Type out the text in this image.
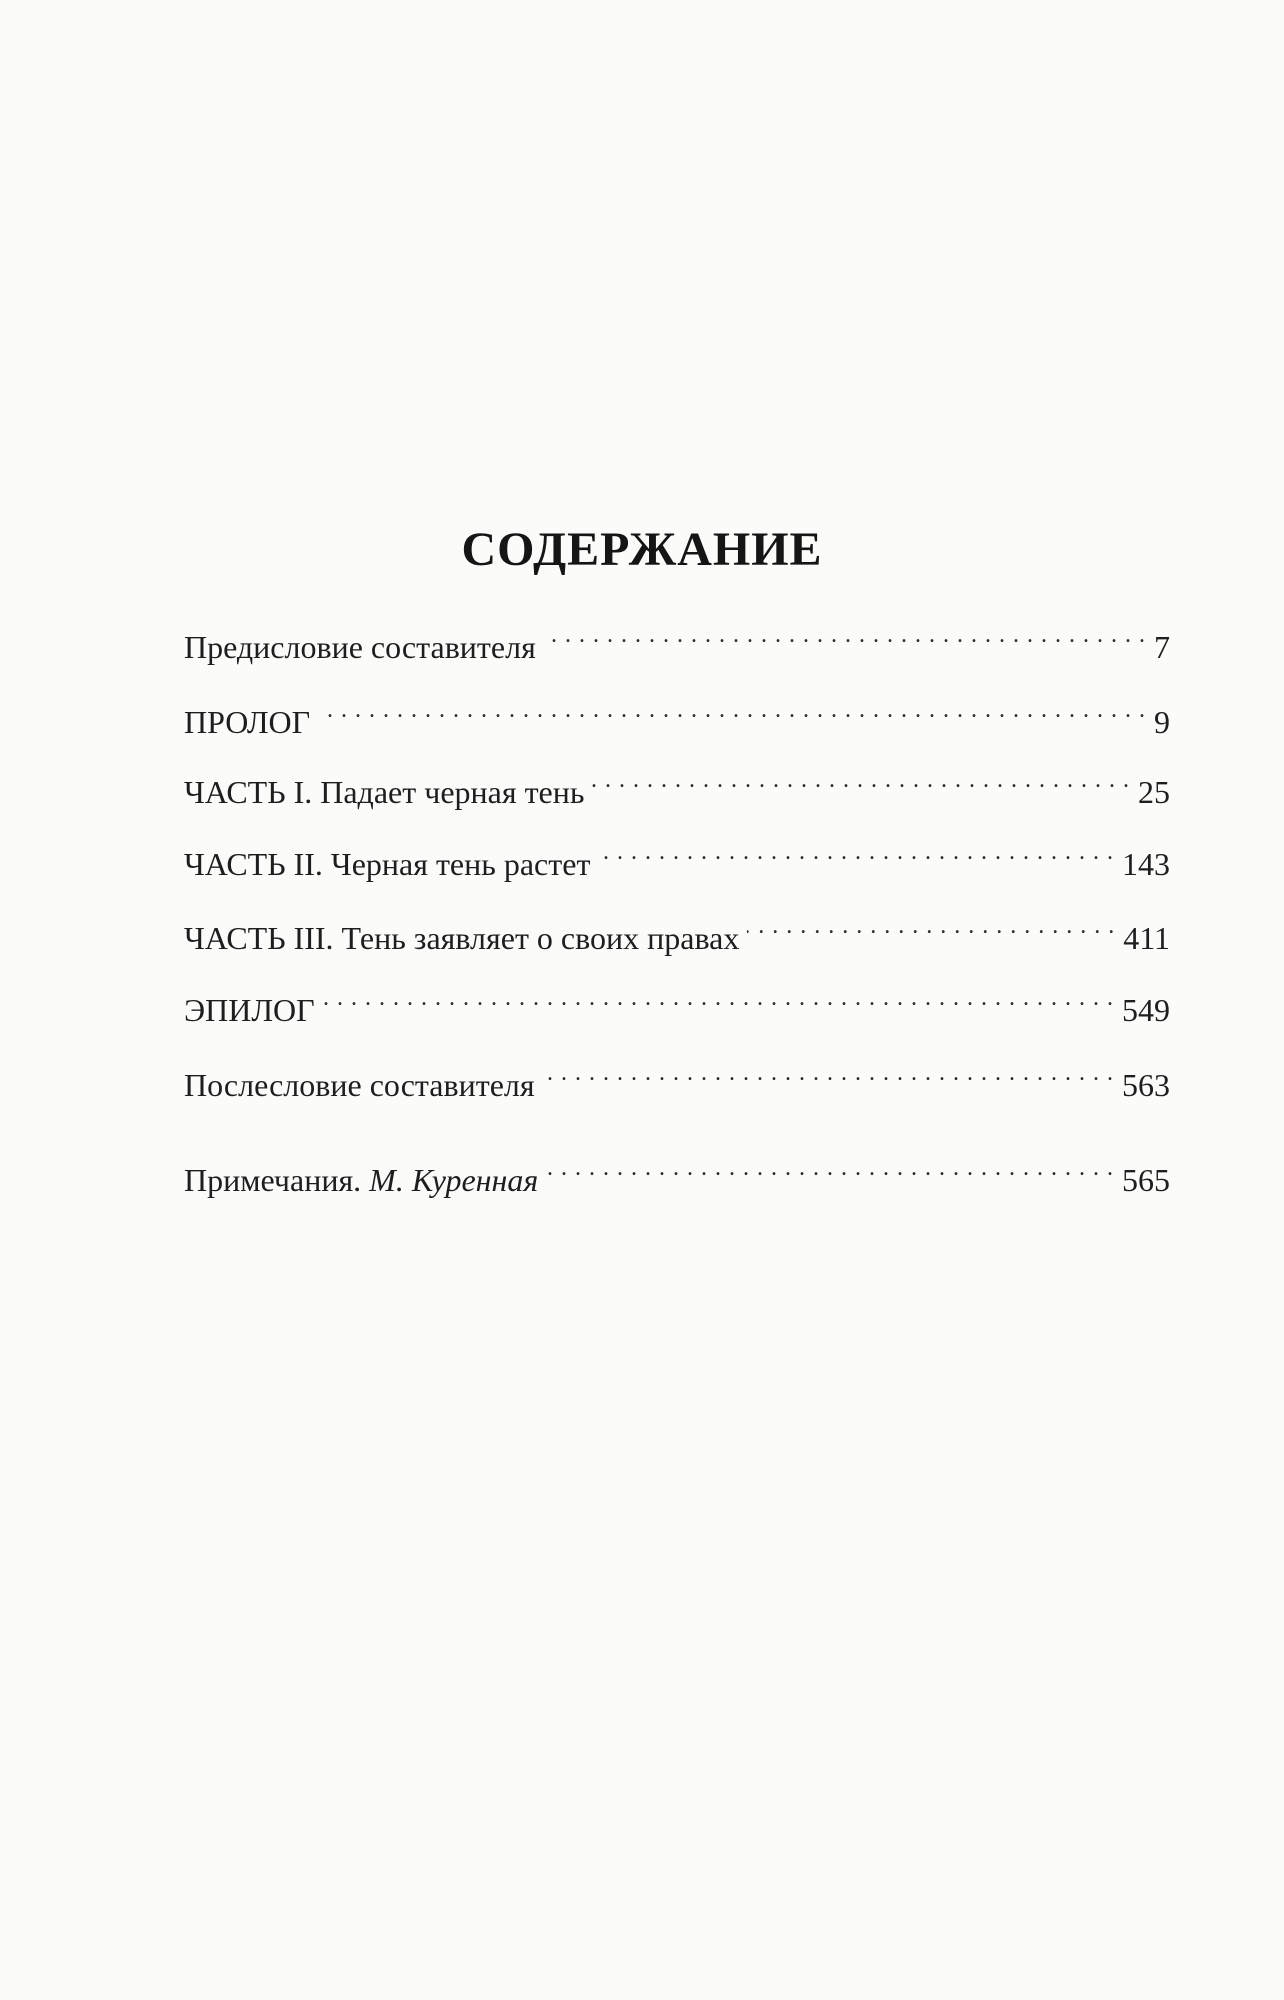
СОДЕРЖАНИЕ
Предисловие составителя . . .	7
ПРОЛОГ . . .	9
ЧАСТЬ I. Падает черная тень . . .	25
ЧАСТЬ II. Черная тень растет . . .	143
ЧАСТЬ III. Тень заявляет о своих правах . . .	411
ЭПИЛОГ . . .	549
Послесловие составителя . . .	563
Примечания. М. Куренная . . .	565
